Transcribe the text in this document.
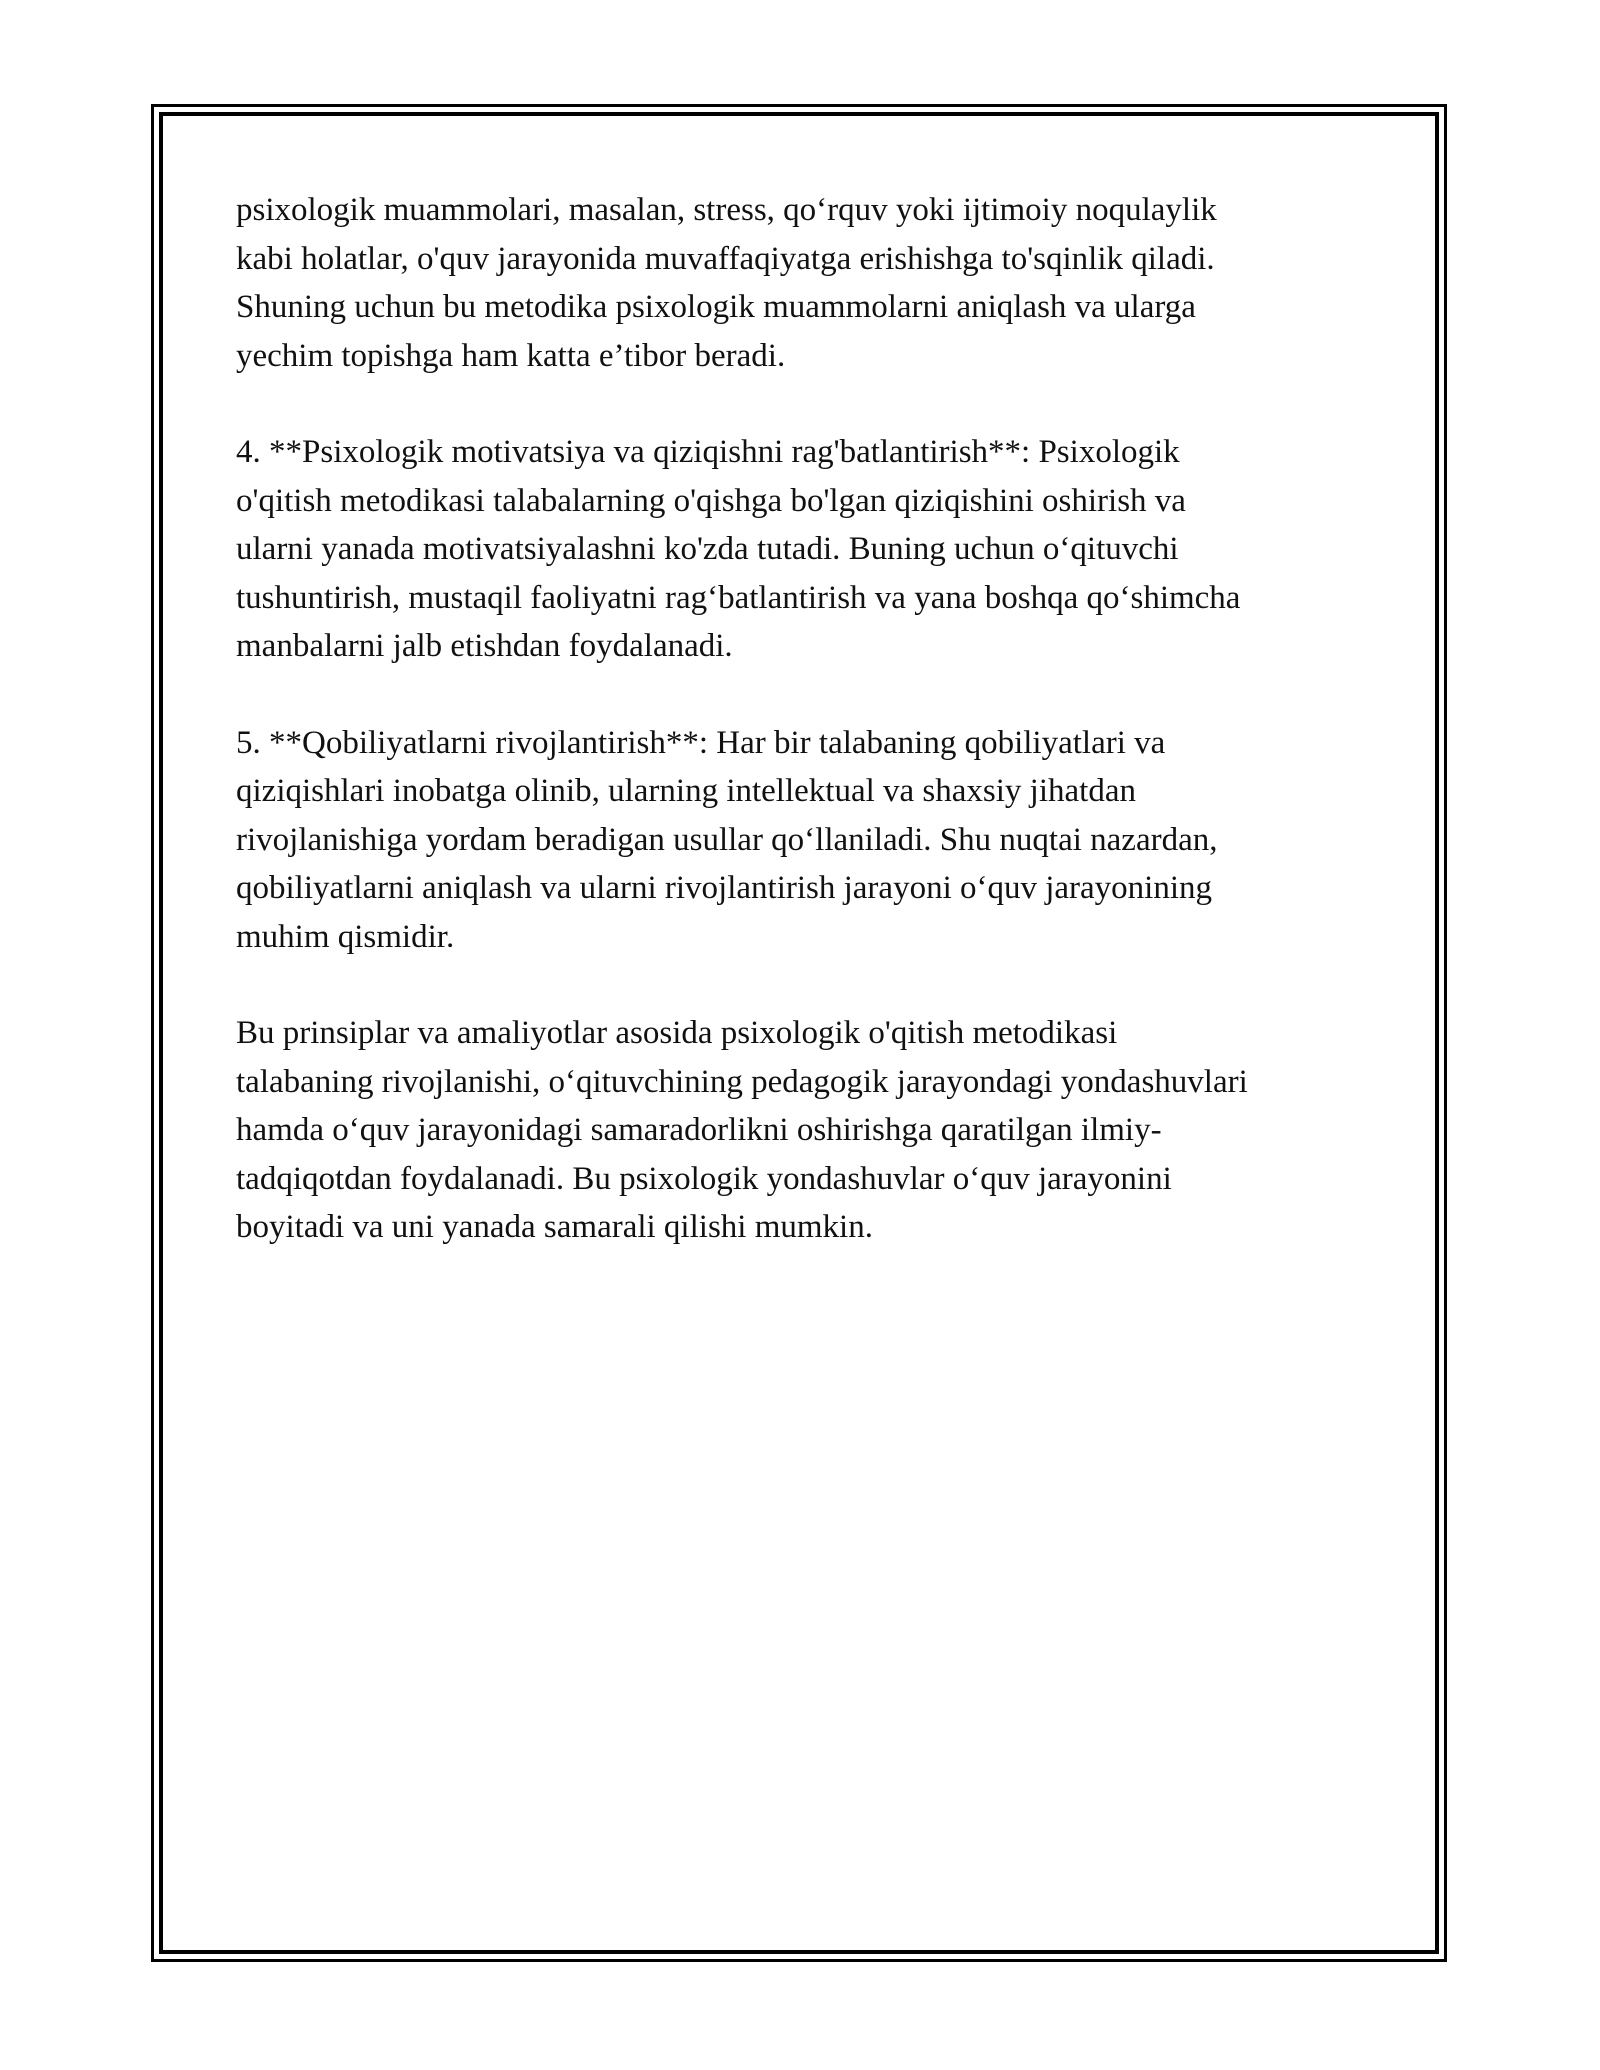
psixologik muammolari, masalan, stress, qo‘rquv yoki ijtimoiy noqulaylik
kabi holatlar, o'quv jarayonida muvaffaqiyatga erishishga to'sqinlik qiladi.
Shuning uchun bu metodika psixologik muammolarni aniqlash va ularga
yechim topishga ham katta e’tibor beradi.

4. **Psixologik motivatsiya va qiziqishni rag'batlantirish**: Psixologik
o'qitish metodikasi talabalarning o'qishga bo'lgan qiziqishini oshirish va
ularni yanada motivatsiyalashni ko'zda tutadi. Buning uchun o‘qituvchi
tushuntirish, mustaqil faoliyatni rag‘batlantirish va yana boshqa qo‘shimcha
manbalarni jalb etishdan foydalanadi.

5. **Qobiliyatlarni rivojlantirish**: Har bir talabaning qobiliyatlari va
qiziqishlari inobatga olinib, ularning intellektual va shaxsiy jihatdan
rivojlanishiga yordam beradigan usullar qo‘llaniladi. Shu nuqtai nazardan,
qobiliyatlarni aniqlash va ularni rivojlantirish jarayoni o‘quv jarayonining
muhim qismidir.

Bu prinsiplar va amaliyotlar asosida psixologik o'qitish metodikasi
talabaning rivojlanishi, o‘qituvchining pedagogik jarayondagi yondashuvlari
hamda o‘quv jarayonidagi samaradorlikni oshirishga qaratilgan ilmiy-
tadqiqotdan foydalanadi. Bu psixologik yondashuvlar o‘quv jarayonini
boyitadi va uni yanada samarali qilishi mumkin.
